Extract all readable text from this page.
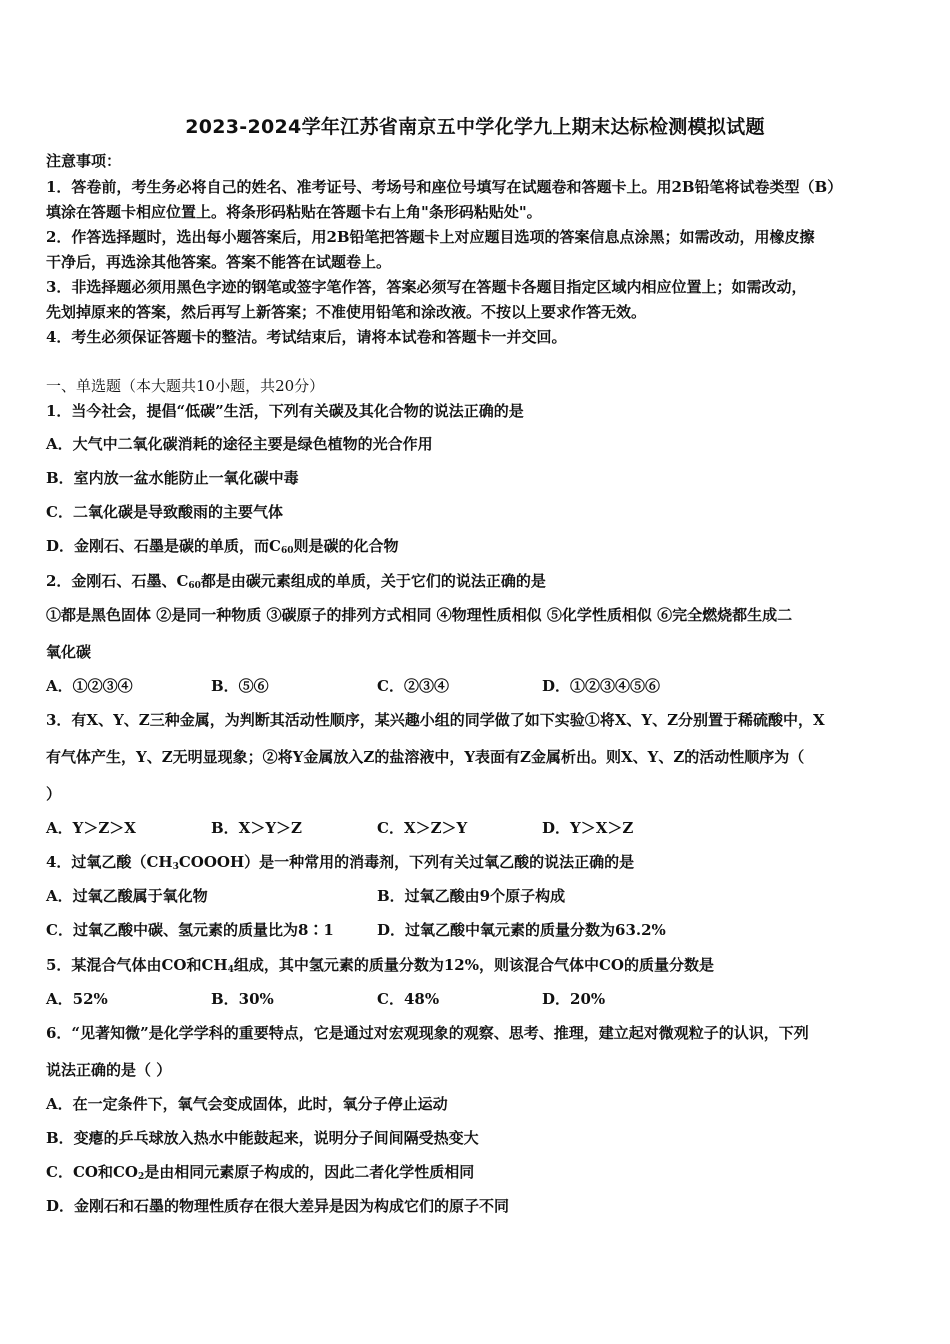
2023-2024学年江苏省南京五中学化学九上期末达标检测模拟试题
注意事项：
1．答卷前，考生务必将自己的姓名、准考证号、考场号和座位号填写在试题卷和答题卡上。用2B铅笔将试卷类型（B）
填涂在答题卡相应位置上。将条形码粘贴在答题卡右上角"条形码粘贴处"。
2．作答选择题时，选出每小题答案后，用2B铅笔把答题卡上对应题目选项的答案信息点涂黑；如需改动，用橡皮擦
干净后，再选涂其他答案。答案不能答在试题卷上。
3．非选择题必须用黑色字迹的钢笔或签字笔作答，答案必须写在答题卡各题目指定区域内相应位置上；如需改动，
先划掉原来的答案，然后再写上新答案；不准使用铅笔和涂改液。不按以上要求作答无效。
4．考生必须保证答题卡的整洁。考试结束后，请将本试卷和答题卡一并交回。
一、单选题（本大题共10小题，共20分）
1．当今社会，提倡“低碳”生活，下列有关碳及其化合物的说法正确的是
A．大气中二氧化碳消耗的途径主要是绿色植物的光合作用
B．室内放一盆水能防止一氧化碳中毒
C．二氧化碳是导致酸雨的主要气体
D．金刚石、石墨是碳的单质，而$C_{60}$则是碳的化合物
2．金刚石、石墨、$C_{60}$都是由碳元素组成的单质，关于它们的说法正确的是
①都是黑色固体 ②是同一种物质 ③碳原子的排列方式相同 ④物理性质相似 ⑤化学性质相似 ⑥完全燃烧都生成二
氧化碳
A．①②③④	B．⑤⑥	C．②③④	D．①②③④⑤⑥
3．有X、Y、Z三种金属，为判断其活动性顺序，某兴趣小组的同学做了如下实验①将X、Y、Z分别置于稀硫酸中，X
有气体产生，Y、Z无明显现象；②将Y金属放入Z的盐溶液中，Y表面有Z金属析出。则X、Y、Z的活动性顺序为（
）
A．Y＞Z＞X	B．X＞Y＞Z	C．X＞Z＞Y	D．Y＞X＞Z
4．过氧乙酸$(CH_3COOOH)$是一种常用的消毒剂，下列有关过氧乙酸的说法正确的是
A．过氧乙酸属于氧化物	B．过氧乙酸由9个原子构成
C．过氧乙酸中碳、氢元素的质量比为8∶1	D．过氧乙酸中氧元素的质量分数为63.2%
5．某混合气体由CO和$CH_4$组成，其中氢元素的质量分数为12%，则该混合气体中CO的质量分数是
A．52%	B．30%	C．48%	D．20%
6．“见著知微”是化学学科的重要特点，它是通过对宏观现象的观察、思考、推理，建立起对微观粒子的认识，下列
说法正确的是（ ）
A．在一定条件下，氧气会变成固体，此时，氧分子停止运动
B．变瘪的乒乓球放入热水中能鼓起来，说明分子间间隔受热变大
C．CO和$CO_2$是由相同元素原子构成的，因此二者化学性质相同
D．金刚石和石墨的物理性质存在很大差异是因为构成它们的原子不同
